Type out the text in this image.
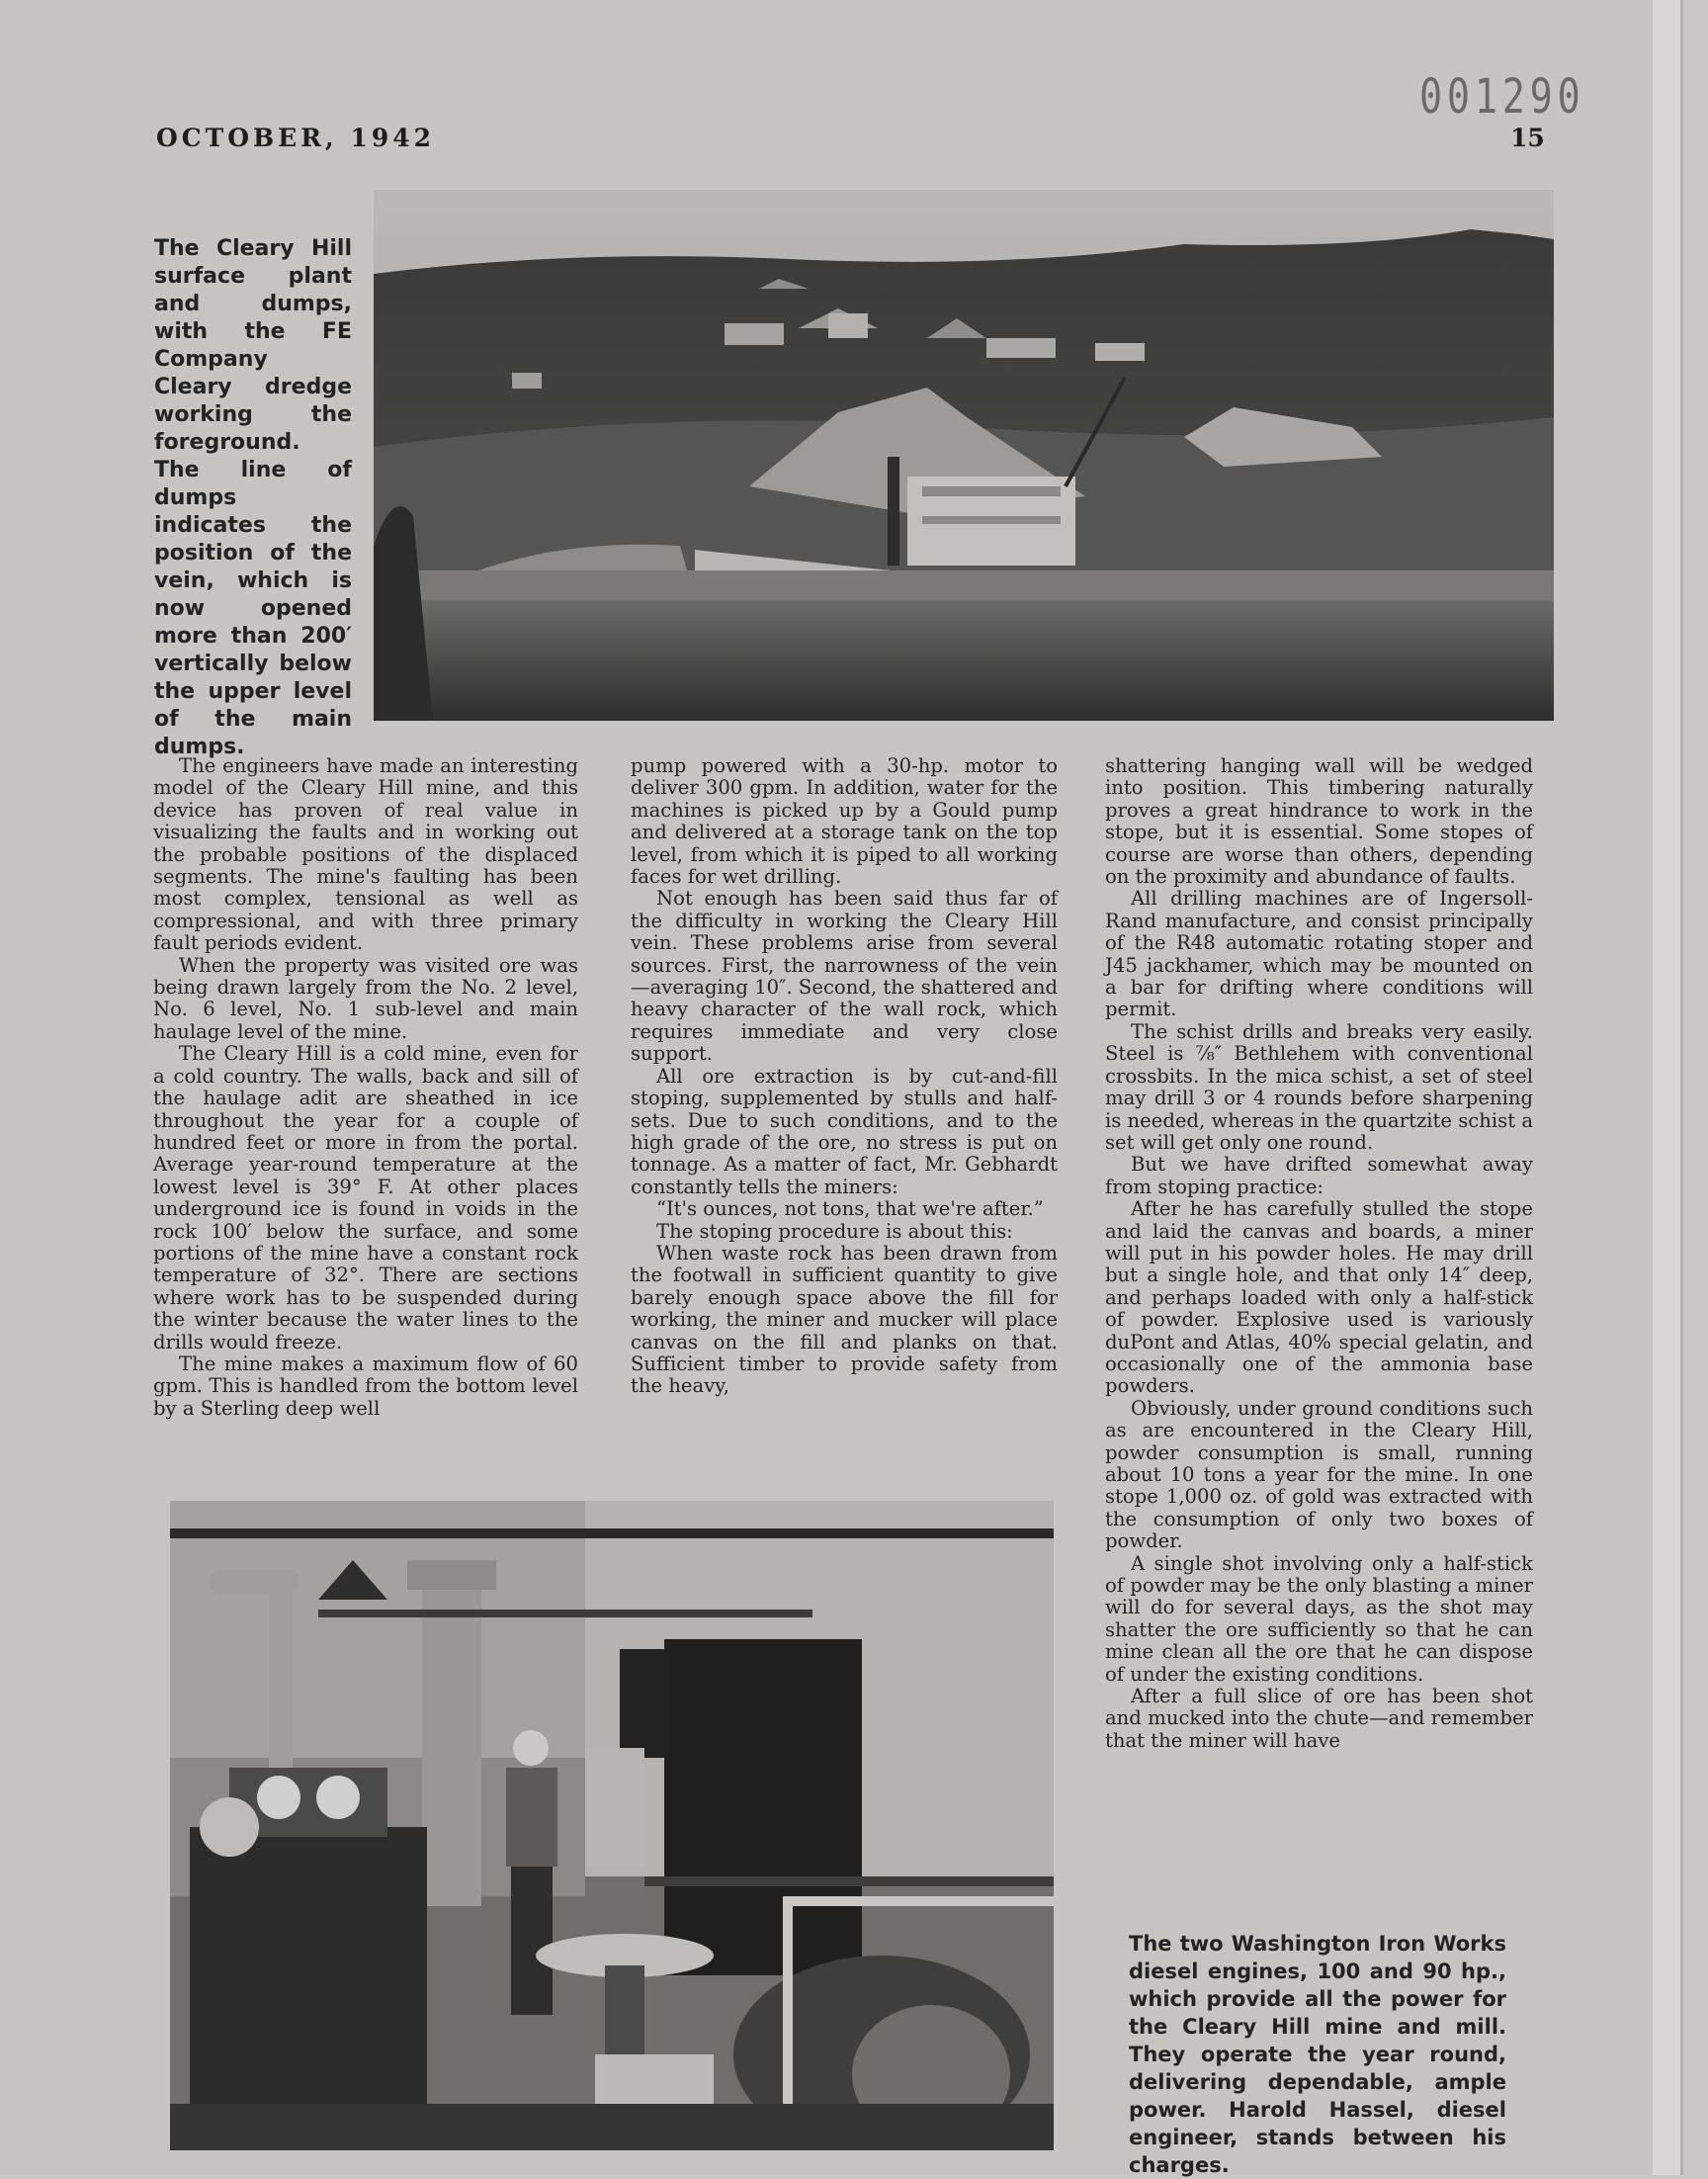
001290
OCTOBER, 1942	15
The Cleary Hill surface plant and dumps, with the FE Company Cleary dredge working the foreground. The line of dumps indicates the position of the vein, which is now opened more than 200′ vertically below the upper level of the main dumps.

The engineers have made an interesting model of the Cleary Hill mine, and this device has proven of real value in visualizing the faults and in working out the probable positions of the displaced segments. The mine's faulting has been most complex, tensional as well as compressional, and with three primary fault periods evident.

When the property was visited ore was being drawn largely from the No. 2 level, No. 6 level, No. 1 sub-level and main haulage level of the mine.

The Cleary Hill is a cold mine, even for a cold country. The walls, back and sill of the haulage adit are sheathed in ice throughout the year for a couple of hundred feet or more in from the portal. Average year-round temperature at the lowest level is 39° F. At other places underground ice is found in voids in the rock 100′ below the surface, and some portions of the mine have a constant rock temperature of 32°. There are sections where work has to be suspended during the winter because the water lines to the drills would freeze.

The mine makes a maximum flow of 60 gpm. This is handled from the bottom level by a Sterling deep well

pump powered with a 30-hp. motor to deliver 300 gpm. In addition, water for the machines is picked up by a Gould pump and delivered at a storage tank on the top level, from which it is piped to all working faces for wet drilling.

Not enough has been said thus far of the difficulty in working the Cleary Hill vein. These problems arise from several sources. First, the narrowness of the vein—averaging 10″. Second, the shattered and heavy character of the wall rock, which requires immediate and very close support.

All ore extraction is by cut-and-fill stoping, supplemented by stulls and half-sets. Due to such conditions, and to the high grade of the ore, no stress is put on tonnage. As a matter of fact, Mr. Gebhardt constantly tells the miners:

“It's ounces, not tons, that we're after.”

The stoping procedure is about this:

When waste rock has been drawn from the footwall in sufficient quantity to give barely enough space above the fill for working, the miner and mucker will place canvas on the fill and planks on that. Sufficient timber to provide safety from the heavy,

shattering hanging wall will be wedged into position. This timbering naturally proves a great hindrance to work in the stope, but it is essential. Some stopes of course are worse than others, depending on the proximity and abundance of faults.

All drilling machines are of Ingersoll-Rand manufacture, and consist principally of the R48 automatic rotating stoper and J45 jackhamer, which may be mounted on a bar for drifting where conditions will permit.

The schist drills and breaks very easily. Steel is ⅞″ Bethlehem with conventional crossbits. In the mica schist, a set of steel may drill 3 or 4 rounds before sharpening is needed, whereas in the quartzite schist a set will get only one round.

But we have drifted somewhat away from stoping practice:

After he has carefully stulled the stope and laid the canvas and boards, a miner will put in his powder holes. He may drill but a single hole, and that only 14″ deep, and perhaps loaded with only a half-stick of powder. Explosive used is variously duPont and Atlas, 40% special gelatin, and occasionally one of the ammonia base powders.

Obviously, under ground conditions such as are encountered in the Cleary Hill, powder consumption is small, running about 10 tons a year for the mine. In one stope 1,000 oz. of gold was extracted with the consumption of only two boxes of powder.

A single shot involving only a half-stick of powder may be the only blasting a miner will do for several days, as the shot may shatter the ore sufficiently so that he can mine clean all the ore that he can dispose of under the existing conditions.

After a full slice of ore has been shot and mucked into the chute—and remember that the miner will have

The two Washington Iron Works diesel engines, 100 and 90 hp., which provide all the power for the Cleary Hill mine and mill. They operate the year round, delivering dependable, ample power. Harold Hassel, diesel engineer, stands between his charges.
